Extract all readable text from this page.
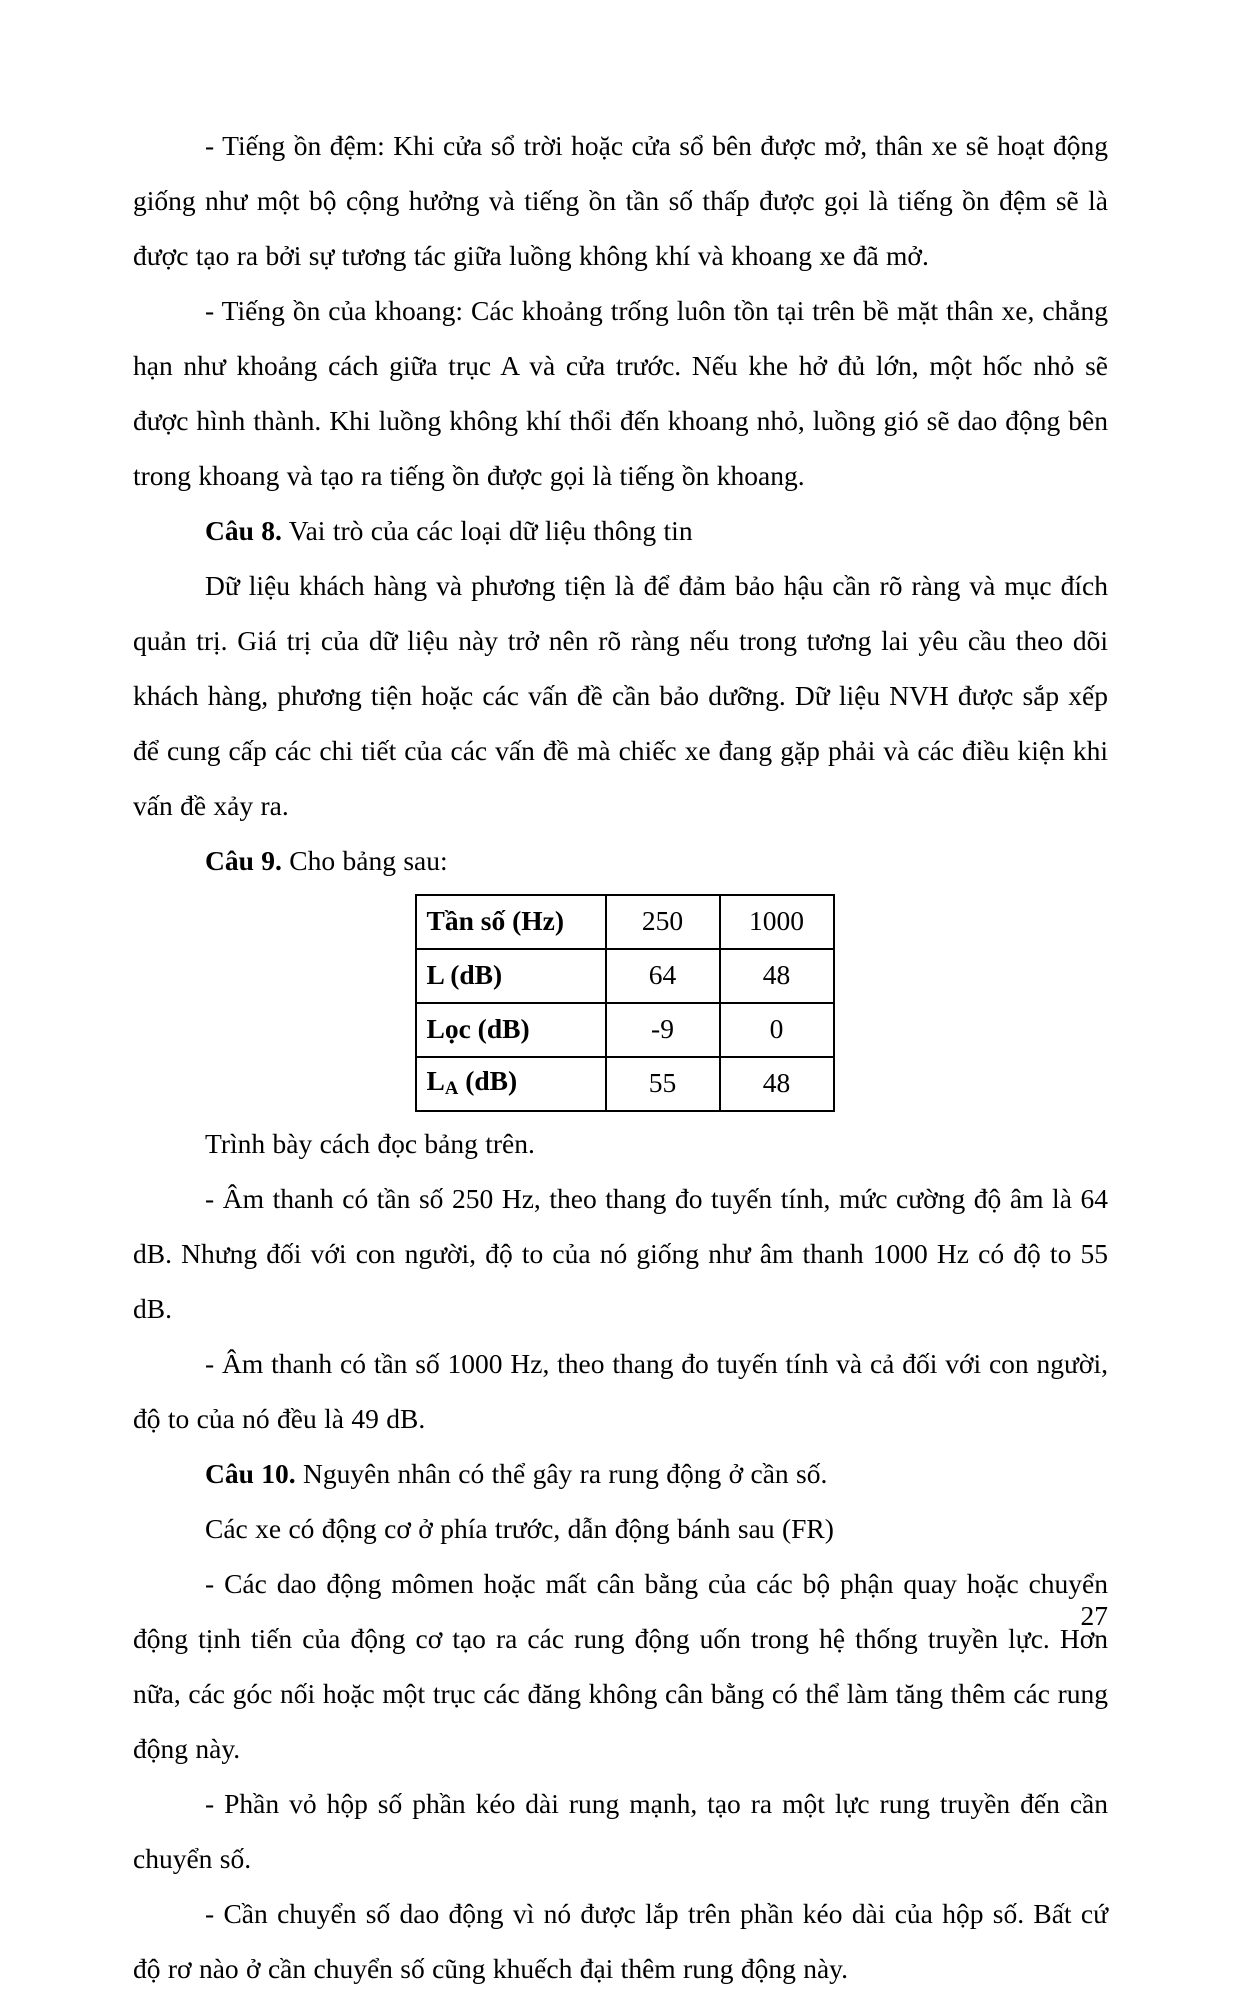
- Tiếng ồn đệm: Khi cửa sổ trời hoặc cửa sổ bên được mở, thân xe sẽ hoạt động giống như một bộ cộng hưởng và tiếng ồn tần số thấp được gọi là tiếng ồn đệm sẽ là được tạo ra bởi sự tương tác giữa luồng không khí và khoang xe đã mở.

- Tiếng ồn của khoang: Các khoảng trống luôn tồn tại trên bề mặt thân xe, chẳng hạn như khoảng cách giữa trục A và cửa trước. Nếu khe hở đủ lớn, một hốc nhỏ sẽ được hình thành. Khi luồng không khí thổi đến khoang nhỏ, luồng gió sẽ dao động bên trong khoang và tạo ra tiếng ồn được gọi là tiếng ồn khoang.

Câu 8. Vai trò của các loại dữ liệu thông tin

Dữ liệu khách hàng và phương tiện là để đảm bảo hậu cần rõ ràng và mục đích quản trị. Giá trị của dữ liệu này trở nên rõ ràng nếu trong tương lai yêu cầu theo dõi khách hàng, phương tiện hoặc các vấn đề cần bảo dưỡng. Dữ liệu NVH được sắp xếp để cung cấp các chi tiết của các vấn đề mà chiếc xe đang gặp phải và các điều kiện khi vấn đề xảy ra.

Câu 9. Cho bảng sau:

Tần số (Hz)	250	1000
L (dB)	64	48
Lọc (dB)	-9	0
$L_A$ (dB)	55	48

Trình bày cách đọc bảng trên.

- Âm thanh có tần số 250 Hz, theo thang đo tuyến tính, mức cường độ âm là 64 dB. Nhưng đối với con người, độ to của nó giống như âm thanh 1000 Hz có độ to 55 dB.

- Âm thanh có tần số 1000 Hz, theo thang đo tuyến tính và cả đối với con người, độ to của nó đều là 49 dB.

Câu 10. Nguyên nhân có thể gây ra rung động ở cần số.

Các xe có động cơ ở phía trước, dẫn động bánh sau (FR)

- Các dao động mômen hoặc mất cân bằng của các bộ phận quay hoặc chuyển động tịnh tiến của động cơ tạo ra các rung động uốn trong hệ thống truyền lực. Hơn nữa, các góc nối hoặc một trục các đăng không cân bằng có thể làm tăng thêm các rung động này.

- Phần vỏ hộp số phần kéo dài rung mạnh, tạo ra một lực rung truyền đến cần chuyển số.

- Cần chuyển số dao động vì nó được lắp trên phần kéo dài của hộp số. Bất cứ độ rơ nào ở cần chuyển số cũng khuếch đại thêm rung động này.

27
